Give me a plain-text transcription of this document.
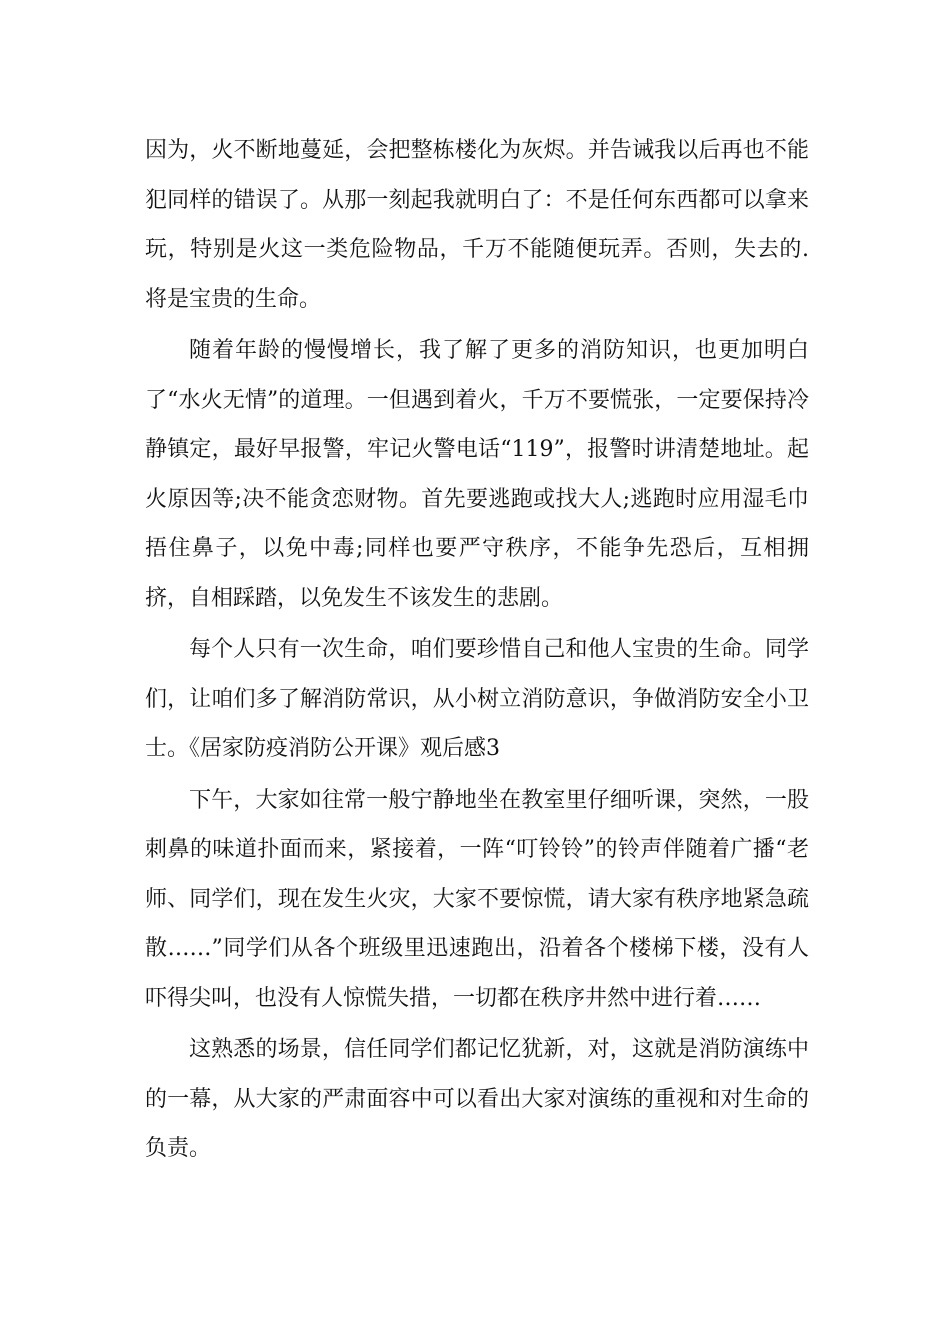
因为，火不断地蔓延，会把整栋楼化为灰烬。并告诫我以后再也不能犯同样的错误了。从那一刻起我就明白了：不是任何东西都可以拿来玩，特别是火这一类危险物品，千万不能随便玩弄。否则，失去的.将是宝贵的生命。

随着年龄的慢慢增长，我了解了更多的消防知识，也更加明白了“水火无情”的道理。一但遇到着火，千万不要慌张，一定要保持冷静镇定，最好早报警，牢记火警电话“119”，报警时讲清楚地址。起火原因等;决不能贪恋财物。首先要逃跑或找大人;逃跑时应用湿毛巾捂住鼻子，以免中毒;同样也要严守秩序，不能争先恐后，互相拥挤，自相踩踏，以免发生不该发生的悲剧。

每个人只有一次生命，咱们要珍惜自己和他人宝贵的生命。同学们，让咱们多了解消防常识，从小树立消防意识，争做消防安全小卫士。《居家防疫消防公开课》观后感3

下午，大家如往常一般宁静地坐在教室里仔细听课，突然，一股刺鼻的味道扑面而来，紧接着，一阵“叮铃铃”的铃声伴随着广播“老师、同学们，现在发生火灾，大家不要惊慌，请大家有秩序地紧急疏散……”同学们从各个班级里迅速跑出，沿着各个楼梯下楼，没有人吓得尖叫，也没有人惊慌失措，一切都在秩序井然中进行着……

这熟悉的场景，信任同学们都记忆犹新，对，这就是消防演练中的一幕，从大家的严肃面容中可以看出大家对演练的重视和对生命的负责。
